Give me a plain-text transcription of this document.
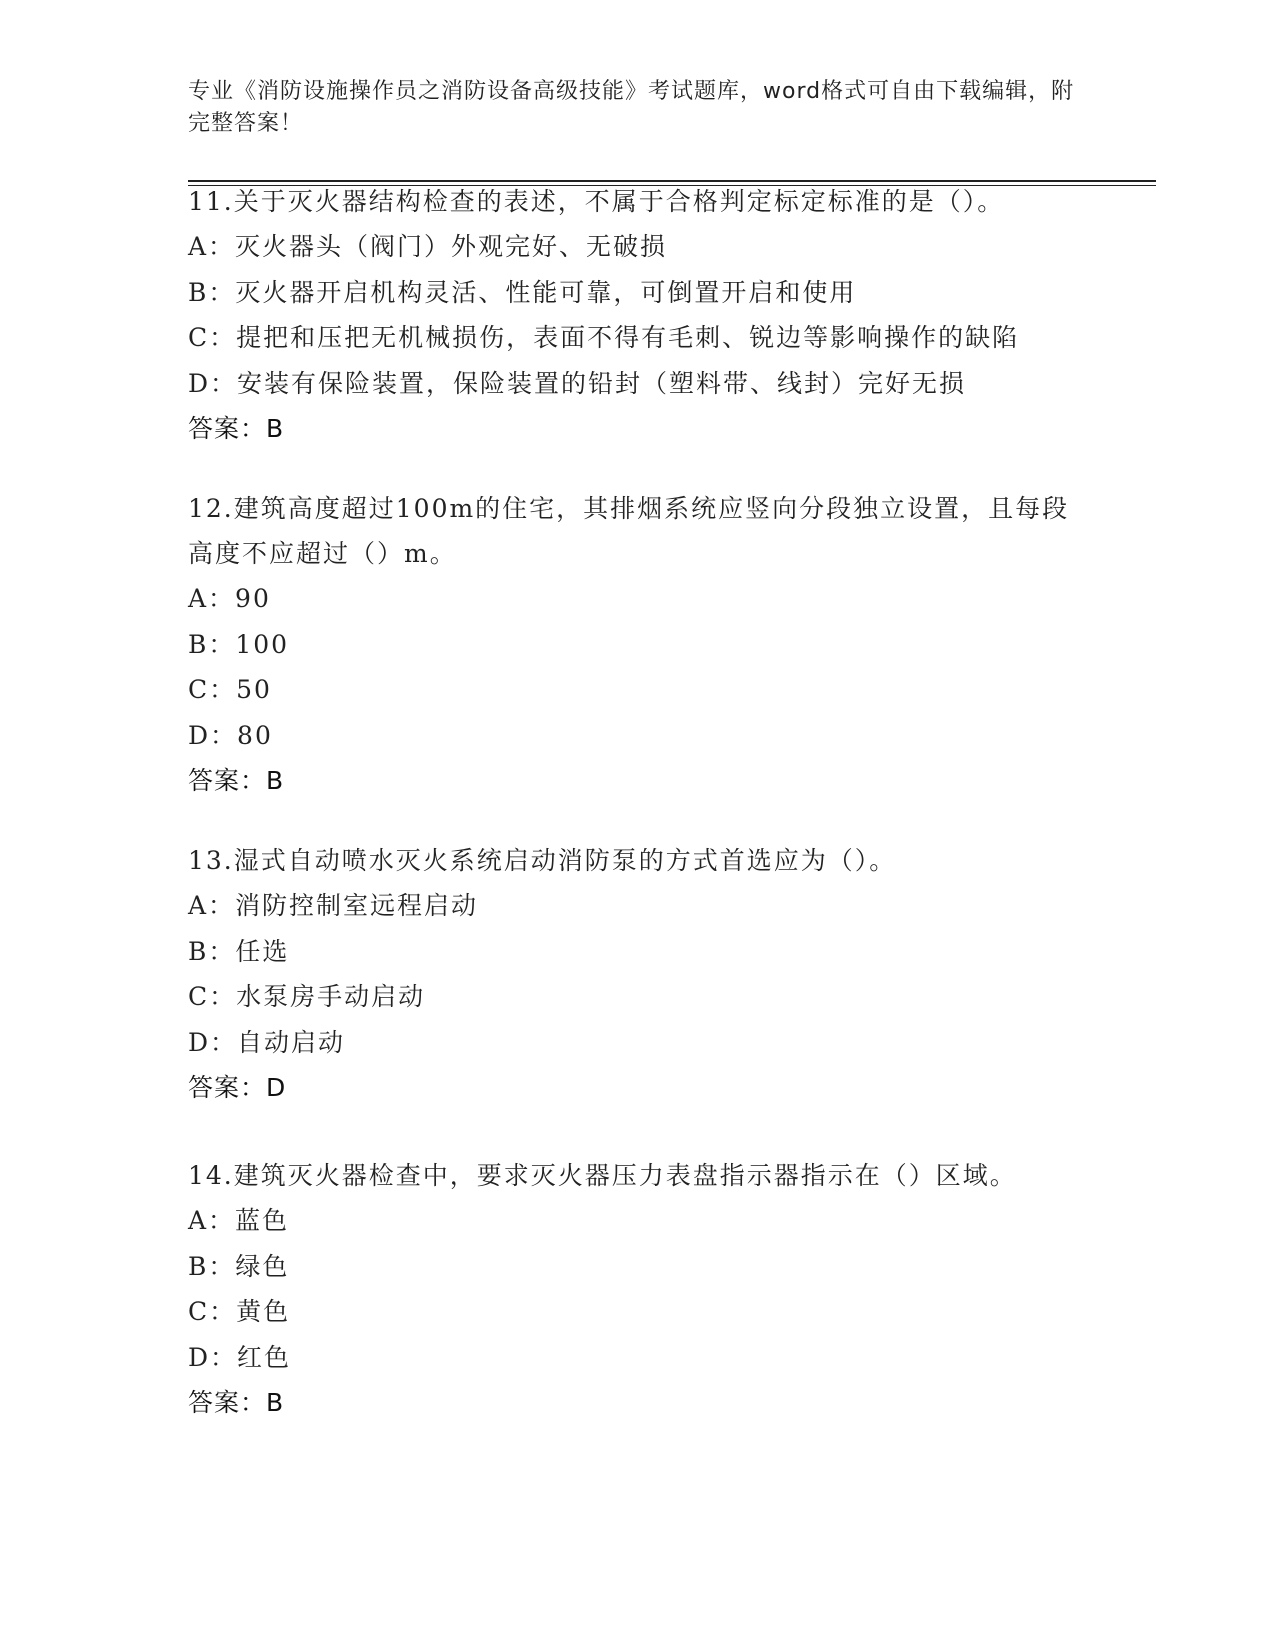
专业《消防设施操作员之消防设备高级技能》考试题库，word格式可自由下载编辑，附完整答案！
11.关于灭火器结构检查的表述，不属于合格判定标定标准的是（）。
A：灭火器头（阀门）外观完好、无破损
B：灭火器开启机构灵活、性能可靠，可倒置开启和使用
C：提把和压把无机械损伤，表面不得有毛刺、锐边等影响操作的缺陷
D：安装有保险装置，保险装置的铅封（塑料带、线封）完好无损
答案：B
12.建筑高度超过100m的住宅，其排烟系统应竖向分段独立设置，且每段高度不应超过（）m。
A：90
B：100
C：50
D：80
答案：B
13.湿式自动喷水灭火系统启动消防泵的方式首选应为（）。
A：消防控制室远程启动
B：任选
C：水泵房手动启动
D：自动启动
答案：D
14.建筑灭火器检查中，要求灭火器压力表盘指示器指示在（）区域。
A：蓝色
B：绿色
C：黄色
D：红色
答案：B
